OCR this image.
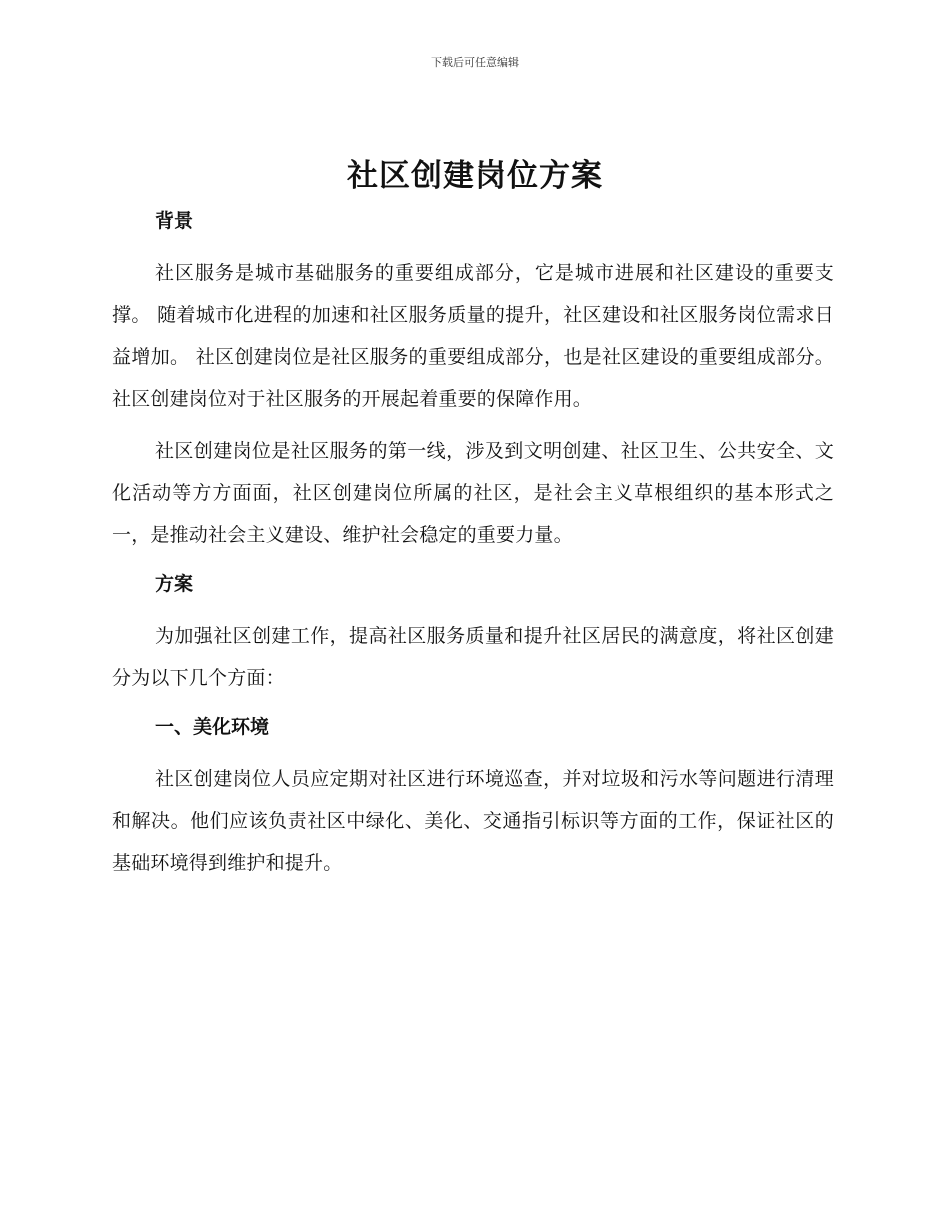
下载后可任意编辑
社区创建岗位方案
背景

社区服务是城市基础服务的重要组成部分，它是城市进展和社区建设的重要支撑。 随着城市化进程的加速和社区服务质量的提升，社区建设和社区服务岗位需求日益增加。 社区创建岗位是社区服务的重要组成部分，也是社区建设的重要组成部分。社区创建岗位对于社区服务的开展起着重要的保障作用。

社区创建岗位是社区服务的第一线，涉及到文明创建、社区卫生、公共安全、文化活动等方方面面，社区创建岗位所属的社区，是社会主义草根组织的基本形式之一，是推动社会主义建设、维护社会稳定的重要力量。

方案

为加强社区创建工作，提高社区服务质量和提升社区居民的满意度，将社区创建分为以下几个方面：

一、美化环境

社区创建岗位人员应定期对社区进行环境巡查，并对垃圾和污水等问题进行清理和解决。他们应该负责社区中绿化、美化、交通指引标识等方面的工作，保证社区的基础环境得到维护和提升。
